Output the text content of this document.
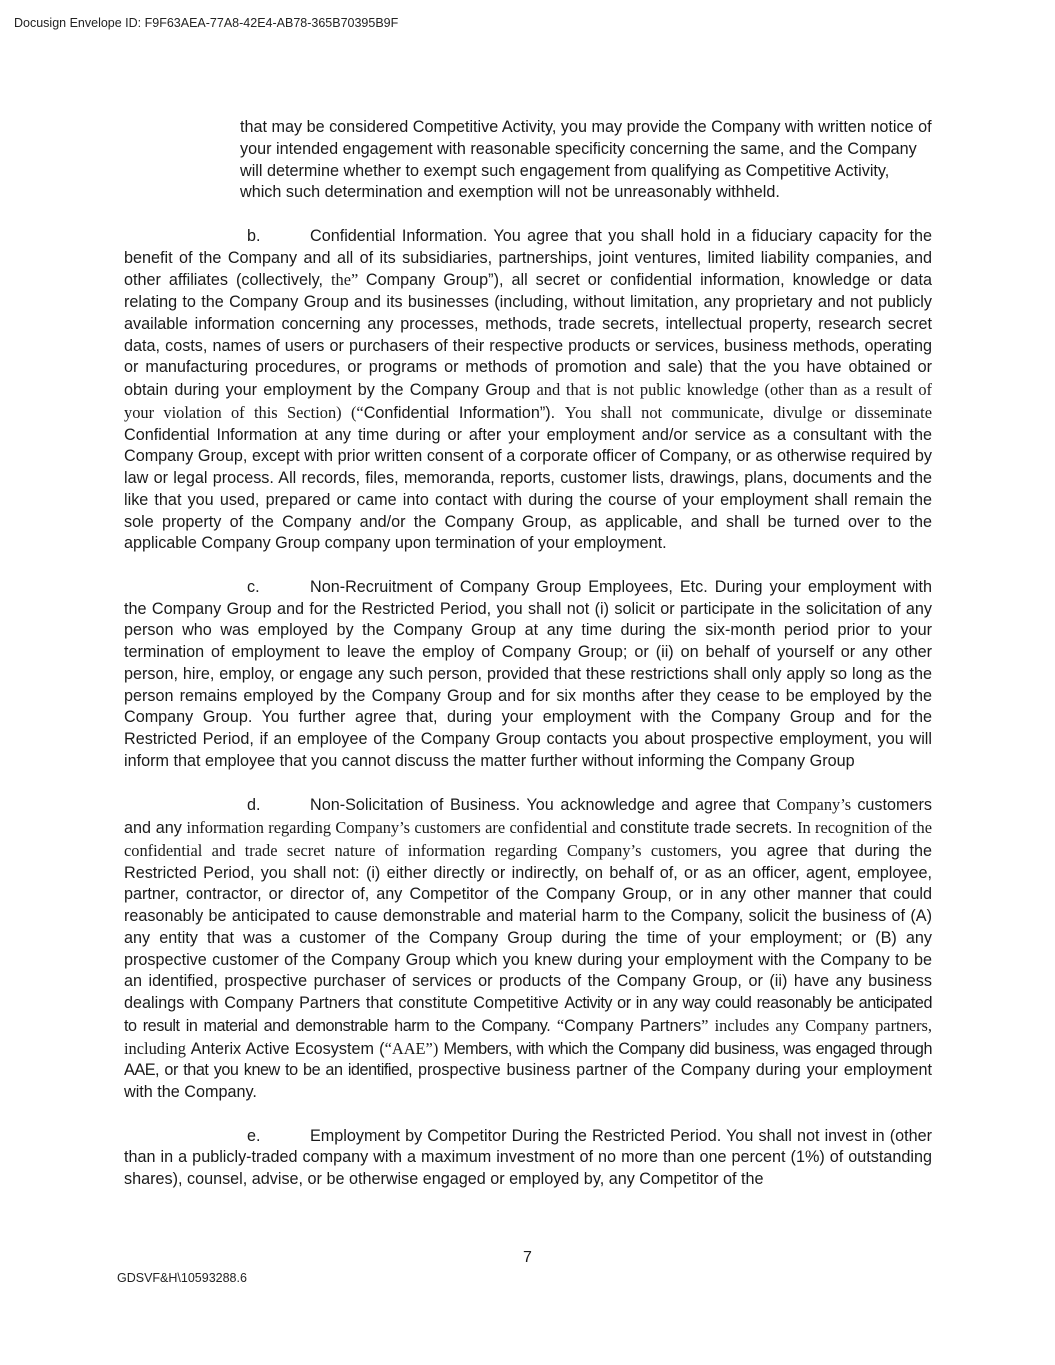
Docusign Envelope ID: F9F63AEA-77A8-42E4-AB78-365B70395B9F
that may be considered Competitive Activity, you may provide the Company with written notice of your intended engagement with reasonable specificity concerning the same, and the Company will determine whether to exempt such engagement from qualifying as Competitive Activity, which such determination and exemption will not be unreasonably withheld.
b.	Confidential Information. You agree that you shall hold in a fiduciary capacity for the benefit of the Company and all of its subsidiaries, partnerships, joint ventures, limited liability companies, and other affiliates (collectively, the” Company Group”), all secret or confidential information, knowledge or data relating to the Company Group and its businesses (including, without limitation, any proprietary and not publicly available information concerning any processes, methods, trade secrets, intellectual property, research secret data, costs, names of users or purchasers of their respective products or services, business methods, operating or manufacturing procedures, or programs or methods of promotion and sale) that the you have obtained or obtain during your employment by the Company Group and that is not public knowledge (other than as a result of your violation of this Section) (“Confidential Information”). You shall not communicate, divulge or disseminate Confidential Information at any time during or after your employment and/or service as a consultant with the Company Group, except with prior written consent of a corporate officer of Company, or as otherwise required by law or legal process. All records, files, memoranda, reports, customer lists, drawings, plans, documents and the like that you used, prepared or came into contact with during the course of your employment shall remain the sole property of the Company and/or the Company Group, as applicable, and shall be turned over to the applicable Company Group company upon termination of your employment.
c.	Non-Recruitment of Company Group Employees, Etc. During your employment with the Company Group and for the Restricted Period, you shall not (i) solicit or participate in the solicitation of any person who was employed by the Company Group at any time during the six-month period prior to your termination of employment to leave the employ of Company Group; or (ii) on behalf of yourself or any other person, hire, employ, or engage any such person, provided that these restrictions shall only apply so long as the person remains employed by the Company Group and for six months after they cease to be employed by the Company Group. You further agree that, during your employment with the Company Group and for the Restricted Period, if an employee of the Company Group contacts you about prospective employment, you will inform that employee that you cannot discuss the matter further without informing the Company Group
d.	Non-Solicitation of Business. You acknowledge and agree that Company’s customers and any information regarding Company’s customers are confidential and constitute trade secrets. In recognition of the confidential and trade secret nature of information regarding Company’s customers, you agree that during the Restricted Period, you shall not: (i) either directly or indirectly, on behalf of, or as an officer, agent, employee, partner, contractor, or director of, any Competitor of the Company Group, or in any other manner that could reasonably be anticipated to cause demonstrable and material harm to the Company, solicit the business of (A) any entity that was a customer of the Company Group during the time of your employment; or (B) any prospective customer of the Company Group which you knew during your employment with the Company to be an identified, prospective purchaser of services or products of the Company Group, or (ii) have any business dealings with Company Partners that constitute Competitive Activity or in any way could reasonably be anticipated to result in material and demonstrable harm to the Company. “Company Partners” includes any Company partners, including Anterix Active Ecosystem (“AAE”) Members, with which the Company did business, was engaged through AAE, or that you knew to be an identified, prospective business partner of the Company during your employment with the Company.
e.	Employment by Competitor During the Restricted Period. You shall not invest in (other than in a publicly-traded company with a maximum investment of no more than one percent (1%) of outstanding shares), counsel, advise, or be otherwise engaged or employed by, any Competitor of the
7
GDSVF&H\10593288.6
